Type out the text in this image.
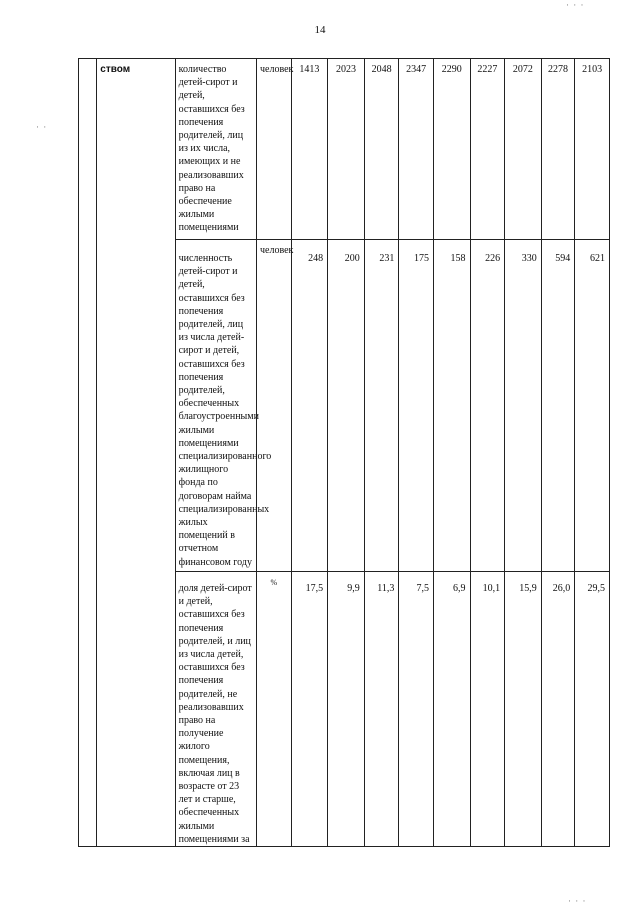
14
· · ·
· ·
· · ·
	ством	количество детей-сирот и детей, оставшихся без попечения родителей, лиц из их числа, имеющих и не реализовавших право на обеспечение жилыми помещениями	человек	1413	2023	2048	2347	2290	2227	2072	2278	2103
		численность детей-сирот и детей, оставшихся без попечения родителей, лиц из числа детей-сирот и детей, оставшихся без попечения родителей, обеспеченных благоустроенными жилыми помещениями специализированного жилищного фонда по договорам найма специализированных жилых помещений в отчетном финансовом году	человек	248	200	231	175	158	226	330	594	621
		доля детей-сирот и детей, оставшихся без попечения родителей, и лиц из числа детей, оставшихся без попечения родителей, не реализовавших право на получение жилого помещения, включая лиц в возрасте от 23 лет и старше, обеспеченных жилыми помещениями за	%	17,5	9,9	11,3	7,5	6,9	10,1	15,9	26,0	29,5
